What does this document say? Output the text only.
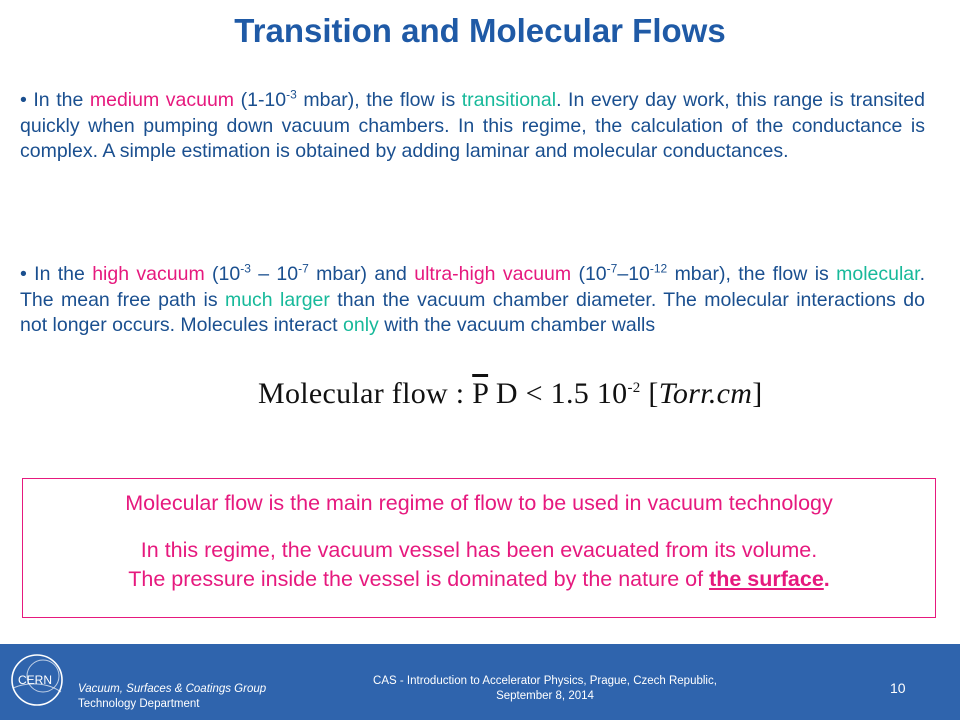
Transition and Molecular Flows
• In the medium vacuum ($1-10^{-3}$ mbar), the flow is transitional. In every day work, this range is transited quickly when pumping down vacuum chambers. In this regime, the calculation of the conductance is complex. A simple estimation is obtained by adding laminar and molecular conductances.
• In the high vacuum ($10^{-3} - 10^{-7}$ mbar) and ultra-high vacuum ($10^{-7}-10^{-12}$ mbar), the flow is molecular. The mean free path is much larger than the vacuum chamber diameter. The molecular interactions do not longer occurs. Molecules interact only with the vacuum chamber walls
Molecular flow : $\overline{P}$ D < 1.5 $10^{-2}$ [Torr.cm]
Molecular flow is the main regime of flow to be used in vacuum technology
In this regime, the vacuum vessel has been evacuated from its volume.
The pressure inside the vessel is dominated by the nature of the surface.
CERN
Vacuum, Surfaces & Coatings Group
Technology Department
CAS - Introduction to Accelerator Physics, Prague, Czech Republic, September 8, 2014	10
